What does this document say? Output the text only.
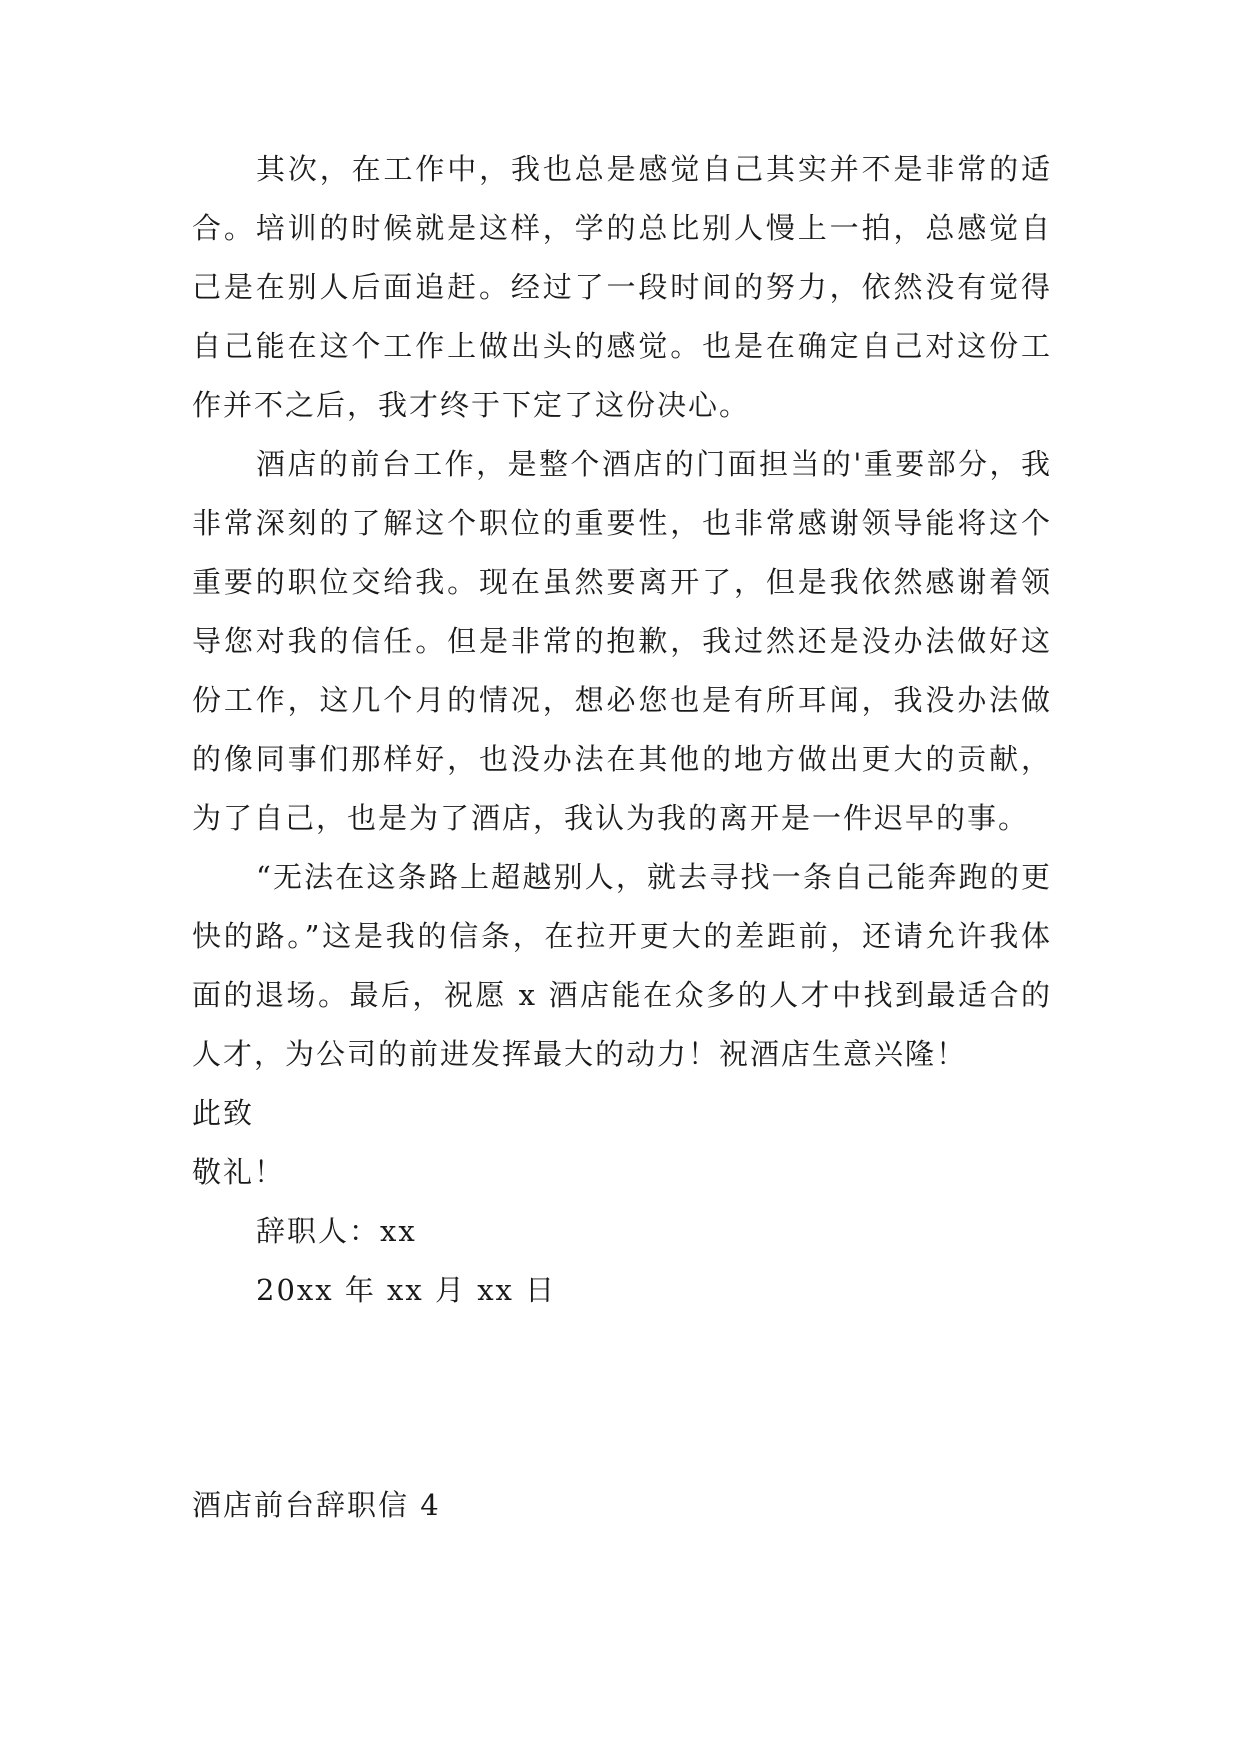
其次，在工作中，我也总是感觉自己其实并不是非常的适合。培训的时候就是这样，学的总比别人慢上一拍，总感觉自己是在别人后面追赶。经过了一段时间的努力，依然没有觉得自己能在这个工作上做出头的感觉。也是在确定自己对这份工作并不之后，我才终于下定了这份决心。

酒店的前台工作，是整个酒店的门面担当的'重要部分，我非常深刻的了解这个职位的重要性，也非常感谢领导能将这个重要的职位交给我。现在虽然要离开了，但是我依然感谢着领导您对我的信任。但是非常的抱歉，我过然还是没办法做好这份工作，这几个月的情况，想必您也是有所耳闻，我没办法做的像同事们那样好，也没办法在其他的地方做出更大的贡献，为了自己，也是为了酒店，我认为我的离开是一件迟早的事。

“无法在这条路上超越别人，就去寻找一条自己能奔跑的更快的路。”这是我的信条，在拉开更大的差距前，还请允许我体面的退场。最后，祝愿 x 酒店能在众多的人才中找到最适合的人才，为公司的前进发挥最大的动力！祝酒店生意兴隆！

此致

敬礼！

辞职人：xx

20xx 年 xx 月 xx 日

酒店前台辞职信 4
